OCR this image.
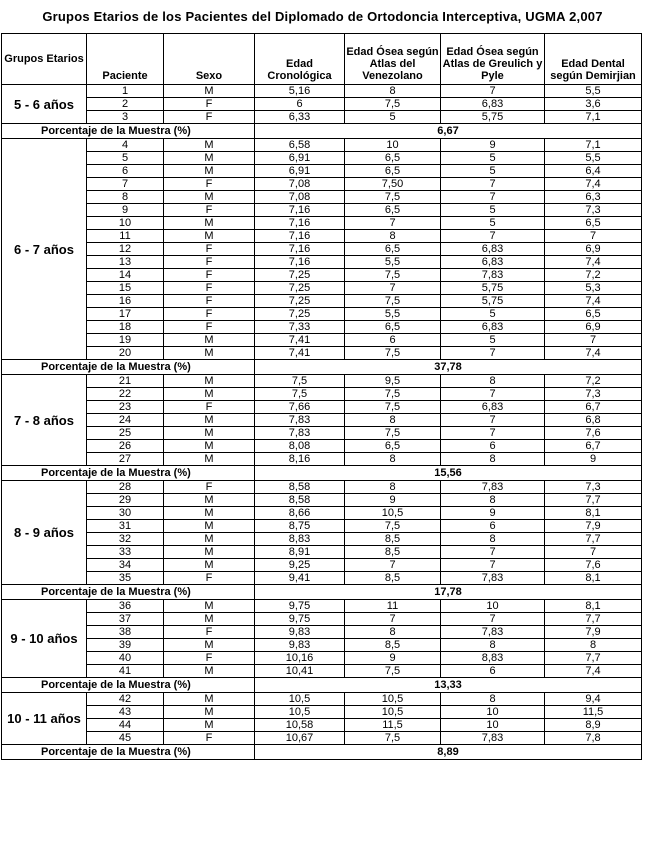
Grupos Etarios de los Pacientes del Diplomado de Ortodoncia Interceptiva, UGMA 2,007
Grupos Etarios	Paciente	Sexo	Edad Cronológica	Edad Ósea según Atlas del Venezolano	Edad Ósea según Atlas de Greulich y Pyle	Edad Dental según Demirjian
5 - 6 años	1	M	5,16	8	7	5,5
	2	F	6	7,5	6,83	3,6
	3	F	6,33	5	5,75	7,1
Porcentaje de la Muestra (%)			6,67			
6 - 7 años	4	M	6,58	10	9	7,1
	5	M	6,91	6,5	5	5,5
	6	M	6,91	6,5	5	6,4
	7	F	7,08	7,50	7	7,4
	8	M	7,08	7,5	7	6,3
	9	F	7,16	6,5	5	7,3
	10	M	7,16	7	5	6,5
	11	M	7,16	8	7	7
	12	F	7,16	6,5	6,83	6,9
	13	F	7,16	5,5	6,83	7,4
	14	F	7,25	7,5	7,83	7,2
	15	F	7,25	7	5,75	5,3
	16	F	7,25	7,5	5,75	7,4
	17	F	7,25	5,5	5	6,5
	18	F	7,33	6,5	6,83	6,9
	19	M	7,41	6	5	7
	20	M	7,41	7,5	7	7,4
Porcentaje de la Muestra (%)			37,78			
7 - 8 años	21	M	7,5	9,5	8	7,2
	22	M	7,5	7,5	7	7,3
	23	F	7,66	7,5	6,83	6,7
	24	M	7,83	8	7	6,8
	25	M	7,83	7,5	7	7,6
	26	M	8,08	6,5	6	6,7
	27	M	8,16	8	8	9
Porcentaje de la Muestra (%)			15,56			
8 - 9 años	28	F	8,58	8	7,83	7,3
	29	M	8,58	9	8	7,7
	30	M	8,66	10,5	9	8,1
	31	M	8,75	7,5	6	7,9
	32	M	8,83	8,5	8	7,7
	33	M	8,91	8,5	7	7
	34	M	9,25	7	7	7,6
	35	F	9,41	8,5	7,83	8,1
Porcentaje de la Muestra (%)			17,78			
9 - 10 años	36	M	9,75	11	10	8,1
	37	M	9,75	7	7	7,7
	38	F	9,83	8	7,83	7,9
	39	M	9,83	8,5	8	8
	40	F	10,16	9	8,83	7,7
	41	M	10,41	7,5	6	7,4
Porcentaje de la Muestra (%)			13,33			
10 - 11 años	42	M	10,5	10,5	8	9,4
	43	M	10,5	10,5	10	11,5
	44	M	10,58	11,5	10	8,9
	45	F	10,67	7,5	7,83	7,8
Porcentaje de la Muestra (%)			8,89			
